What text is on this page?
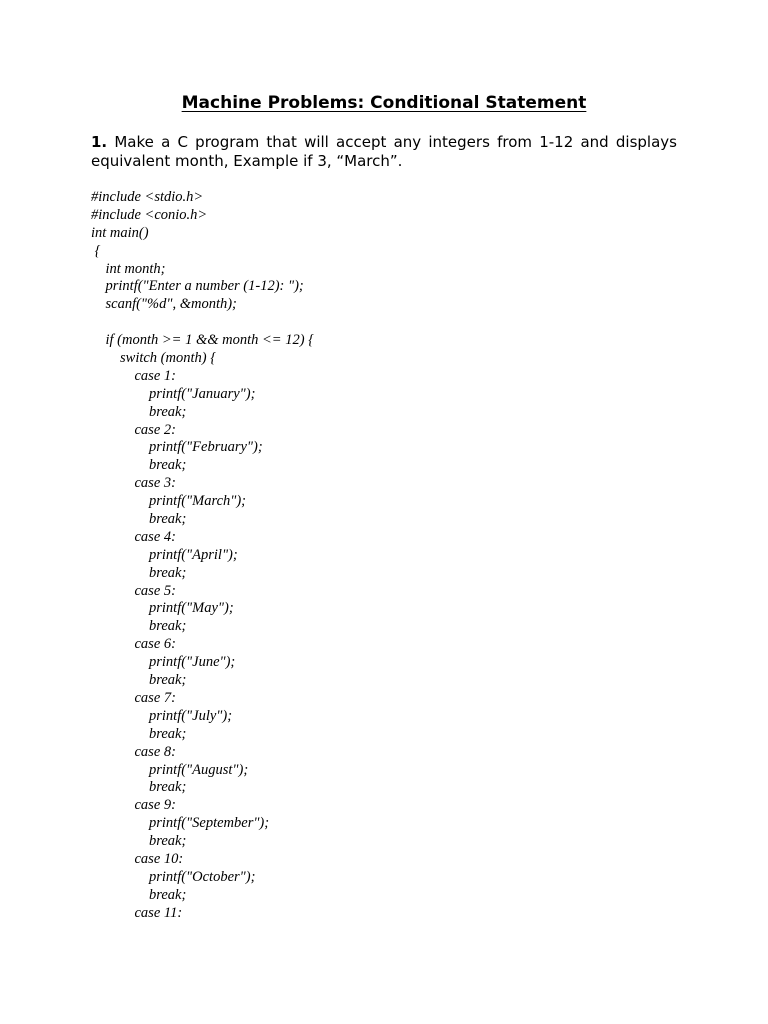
Machine Problems: Conditional Statement
1. Make a C program that will accept any integers from 1-12 and displays equivalent month, Example if 3, “March”.
#include <stdio.h>
#include <conio.h>
int main()
{
int month;
printf("Enter a number (1-12): ");
scanf("%d", &month);
if (month >= 1 && month <= 12) {
switch (month) {
case 1:
printf("January");
break;
case 2:
printf("February");
break;
case 3:
printf("March");
break;
case 4:
printf("April");
break;
case 5:
printf("May");
break;
case 6:
printf("June");
break;
case 7:
printf("July");
break;
case 8:
printf("August");
break;
case 9:
printf("September");
break;
case 10:
printf("October");
break;
case 11:
